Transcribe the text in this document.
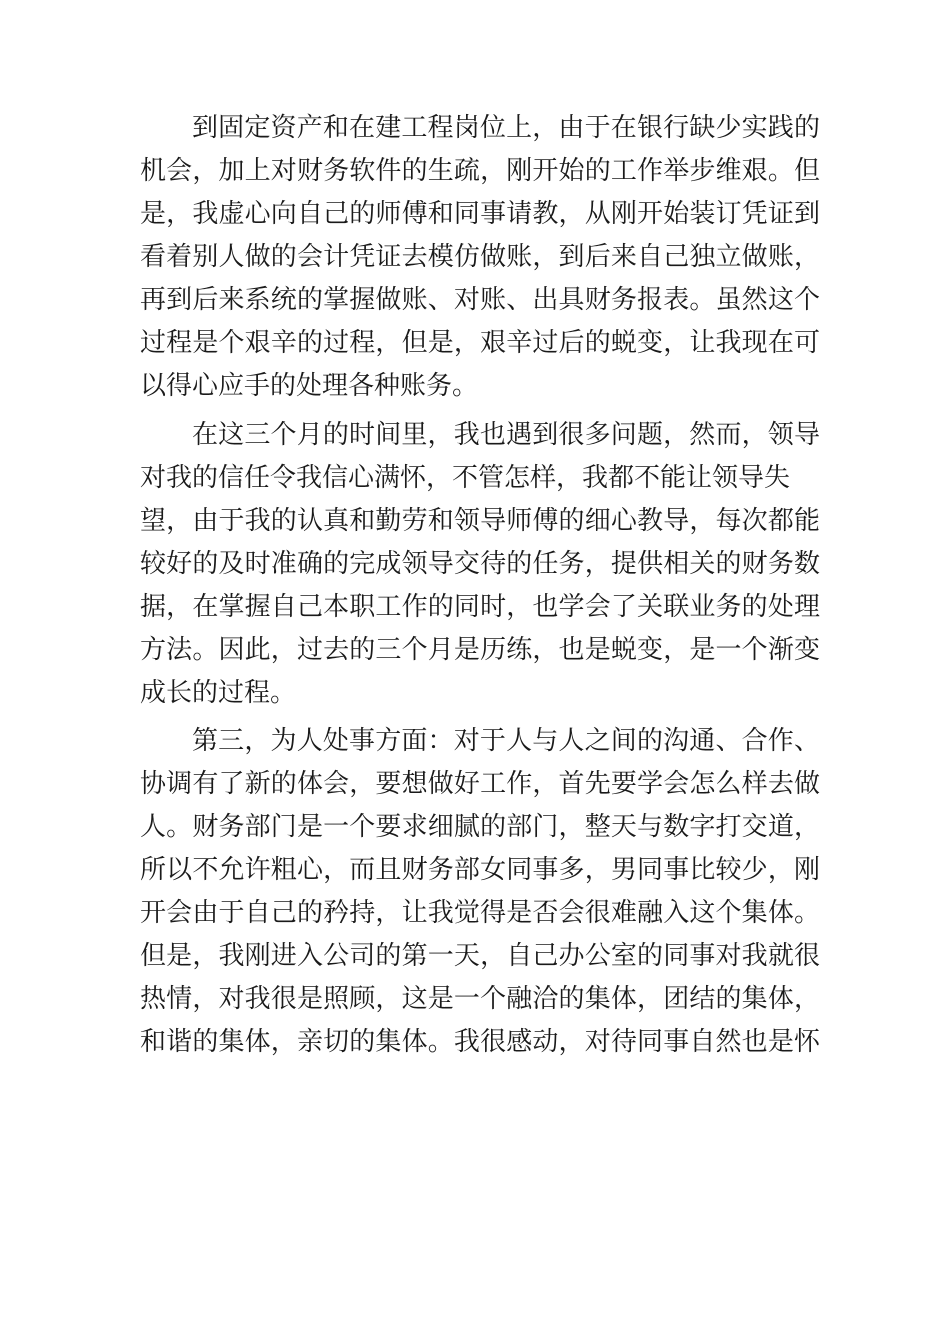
到固定资产和在建工程岗位上，由于在银行缺少实践的
机会，加上对财务软件的生疏，刚开始的工作举步维艰。但
是，我虚心向自己的师傅和同事请教，从刚开始装订凭证到
看着别人做的会计凭证去模仿做账，到后来自己独立做账，
再到后来系统的掌握做账、对账、出具财务报表。虽然这个
过程是个艰辛的过程，但是，艰辛过后的蜕变，让我现在可
以得心应手的处理各种账务。
在这三个月的时间里，我也遇到很多问题，然而，领导
对我的信任令我信心满怀，不管怎样，我都不能让领导失
望，由于我的认真和勤劳和领导师傅的细心教导，每次都能
较好的及时准确的完成领导交待的任务，提供相关的财务数
据，在掌握自己本职工作的同时，也学会了关联业务的处理
方法。因此，过去的三个月是历练，也是蜕变，是一个渐变
成长的过程。
第三，为人处事方面：对于人与人之间的沟通、合作、
协调有了新的体会，要想做好工作，首先要学会怎么样去做
人。财务部门是一个要求细腻的部门，整天与数字打交道，
所以不允许粗心，而且财务部女同事多，男同事比较少，刚
开会由于自己的矜持，让我觉得是否会很难融入这个集体。
但是，我刚进入公司的第一天，自己办公室的同事对我就很
热情，对我很是照顾，这是一个融洽的集体，团结的集体，
和谐的集体，亲切的集体。我很感动，对待同事自然也是怀
